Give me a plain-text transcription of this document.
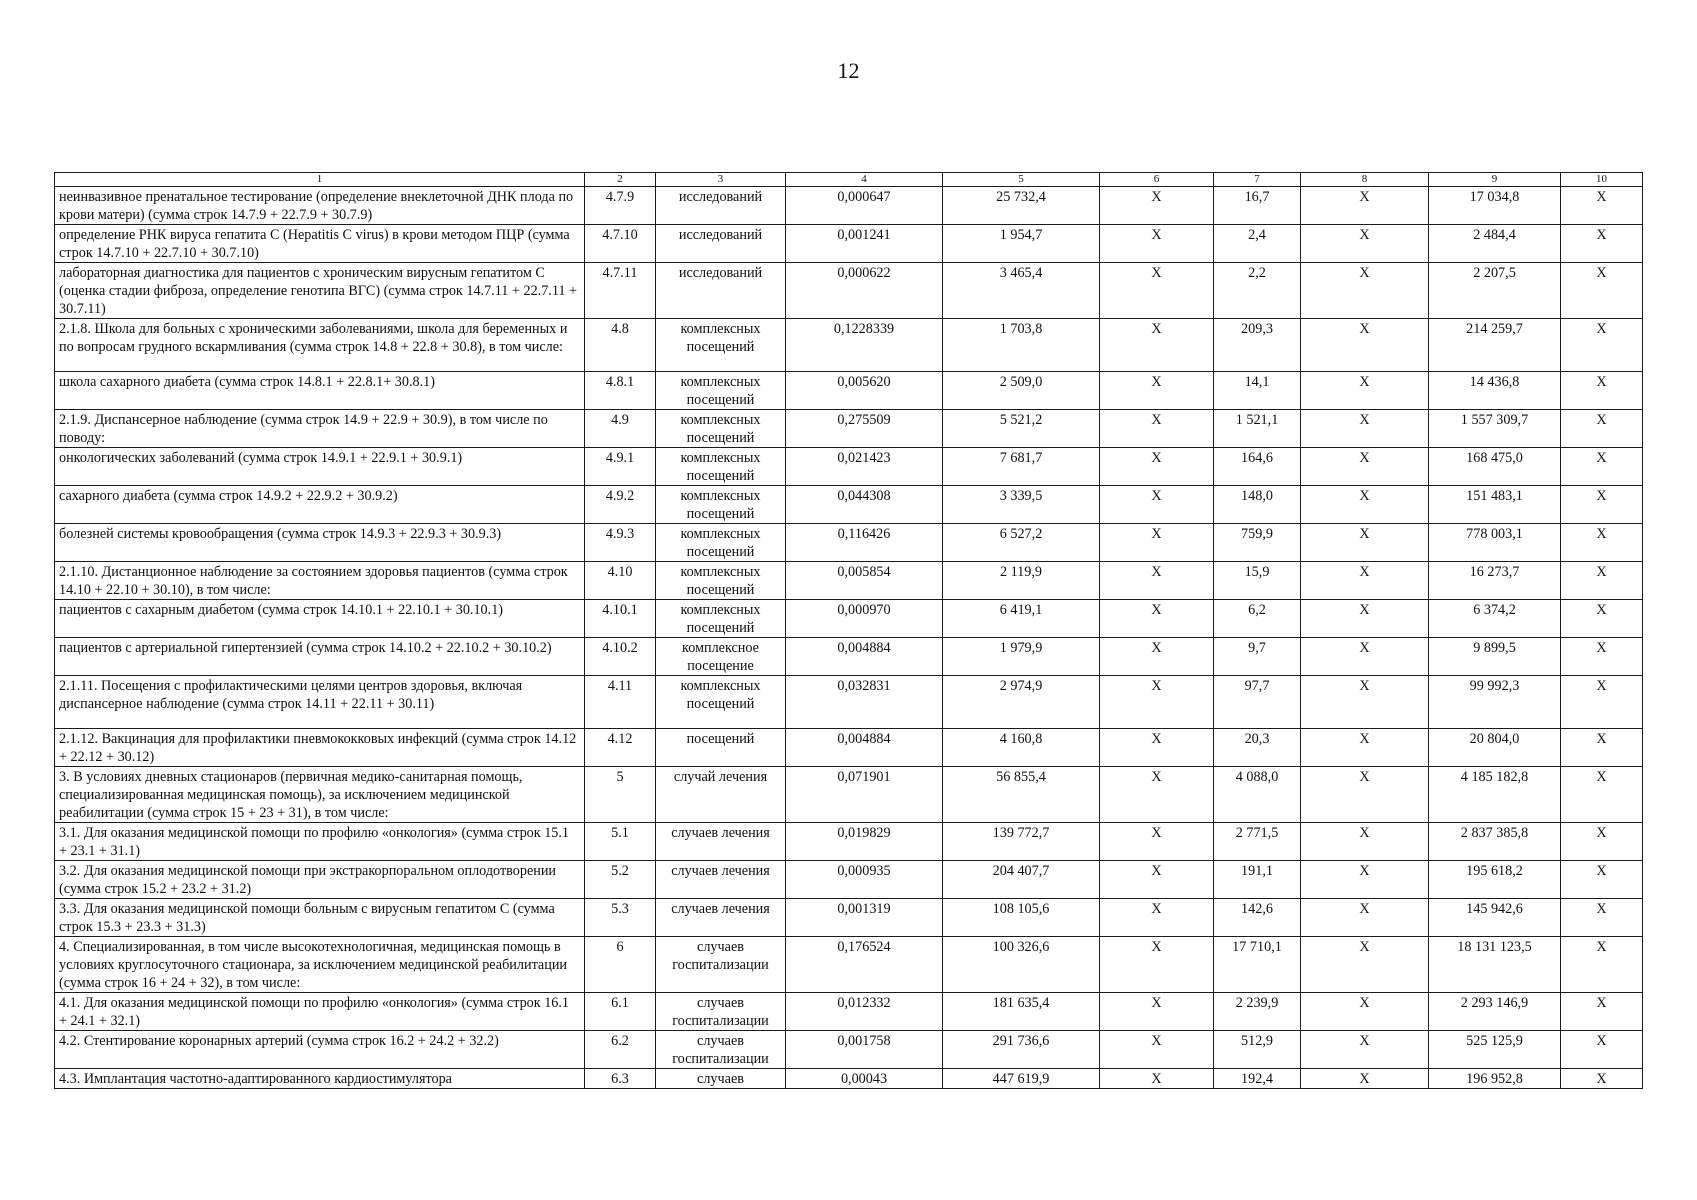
12
1	2	3	4	5	6	7	8	9	10
неинвазивное пренатальное тестирование (определение внеклеточной ДНК плода по крови матери) (сумма строк 14.7.9 + 22.7.9 + 30.7.9)	4.7.9	исследований	0,000647	25 732,4	Х	16,7	Х	17 034,8	Х
определение РНК вируса гепатита C (Hepatitis C virus) в крови методом ПЦР (сумма строк 14.7.10 + 22.7.10 + 30.7.10)	4.7.10	исследований	0,001241	1 954,7	Х	2,4	Х	2 484,4	Х
лабораторная диагностика для пациентов с хроническим вирусным гепатитом C (оценка стадии фиброза, определение генотипа ВГС) (сумма строк 14.7.11 + 22.7.11 + 30.7.11)	4.7.11	исследований	0,000622	3 465,4	Х	2,2	Х	2 207,5	Х
2.1.8. Школа для больных с хроническими заболеваниями, школа для беременных и по вопросам грудного вскармливания (сумма строк 14.8 + 22.8 + 30.8), в том числе:	4.8	комплексных посещений	0,1228339	1 703,8	Х	209,3	Х	214 259,7	Х
школа сахарного диабета (сумма строк 14.8.1 + 22.8.1+ 30.8.1)	4.8.1	комплексных посещений	0,005620	2 509,0	Х	14,1	Х	14 436,8	Х
2.1.9. Диспансерное наблюдение (сумма строк 14.9 + 22.9 + 30.9), в том числе по поводу:	4.9	комплексных посещений	0,275509	5 521,2	Х	1 521,1	Х	1 557 309,7	Х
онкологических заболеваний (сумма строк 14.9.1 + 22.9.1 + 30.9.1)	4.9.1	комплексных посещений	0,021423	7 681,7	Х	164,6	Х	168 475,0	Х
сахарного диабета (сумма строк 14.9.2 + 22.9.2 + 30.9.2)	4.9.2	комплексных посещений	0,044308	3 339,5	Х	148,0	Х	151 483,1	Х
болезней системы кровообращения (сумма строк 14.9.3 + 22.9.3 + 30.9.3)	4.9.3	комплексных посещений	0,116426	6 527,2	Х	759,9	Х	778 003,1	Х
2.1.10. Дистанционное наблюдение за состоянием здоровья пациентов (сумма строк 14.10 + 22.10 + 30.10), в том числе:	4.10	комплексных посещений	0,005854	2 119,9	Х	15,9	Х	16 273,7	Х
пациентов с сахарным диабетом (сумма строк 14.10.1 + 22.10.1 + 30.10.1)	4.10.1	комплексных посещений	0,000970	6 419,1	Х	6,2	Х	6 374,2	Х
пациентов с артериальной гипертензией (сумма строк 14.10.2 + 22.10.2 + 30.10.2)	4.10.2	комплексное посещение	0,004884	1 979,9	Х	9,7	Х	9 899,5	Х
2.1.11. Посещения с профилактическими целями центров здоровья, включая диспансерное наблюдение (сумма строк 14.11 + 22.11 + 30.11)	4.11	комплексных посещений	0,032831	2 974,9	Х	97,7	Х	99 992,3	Х
2.1.12. Вакцинация для профилактики пневмококковых инфекций (сумма строк 14.12 + 22.12 + 30.12)	4.12	посещений	0,004884	4 160,8	Х	20,3	Х	20 804,0	Х
3. В условиях дневных стационаров (первичная медико-санитарная помощь, специализированная медицинская помощь), за исключением медицинской реабилитации (сумма строк 15 + 23 + 31), в том числе:	5	случай лечения	0,071901	56 855,4	Х	4 088,0	Х	4 185 182,8	Х
3.1. Для оказания медицинской помощи по профилю «онкология» (сумма строк 15.1 + 23.1 + 31.1)	5.1	случаев лечения	0,019829	139 772,7	Х	2 771,5	Х	2 837 385,8	Х
3.2. Для оказания медицинской помощи при экстракорпоральном оплодотворении (сумма строк 15.2 + 23.2 + 31.2)	5.2	случаев лечения	0,000935	204 407,7	Х	191,1	Х	195 618,2	Х
3.3. Для оказания медицинской помощи больным с вирусным гепатитом C (сумма строк 15.3 + 23.3 + 31.3)	5.3	случаев лечения	0,001319	108 105,6	Х	142,6	Х	145 942,6	Х
4. Специализированная, в том числе высокотехнологичная, медицинская помощь в условиях круглосуточного стационара, за исключением медицинской реабилитации (сумма строк 16 + 24 + 32), в том числе:	6	случаев госпитализации	0,176524	100 326,6	Х	17 710,1	Х	18 131 123,5	Х
4.1. Для оказания медицинской помощи по профилю «онкология» (сумма строк 16.1 + 24.1 + 32.1)	6.1	случаев госпитализации	0,012332	181 635,4	Х	2 239,9	Х	2 293 146,9	Х
4.2. Стентирование коронарных артерий (сумма строк 16.2 + 24.2 + 32.2)	6.2	случаев госпитализации	0,001758	291 736,6	Х	512,9	Х	525 125,9	Х
4.3. Имплантация частотно-адаптированного кардиостимулятора	6.3	случаев	0,00043	447 619,9	Х	192,4	Х	196 952,8	Х
